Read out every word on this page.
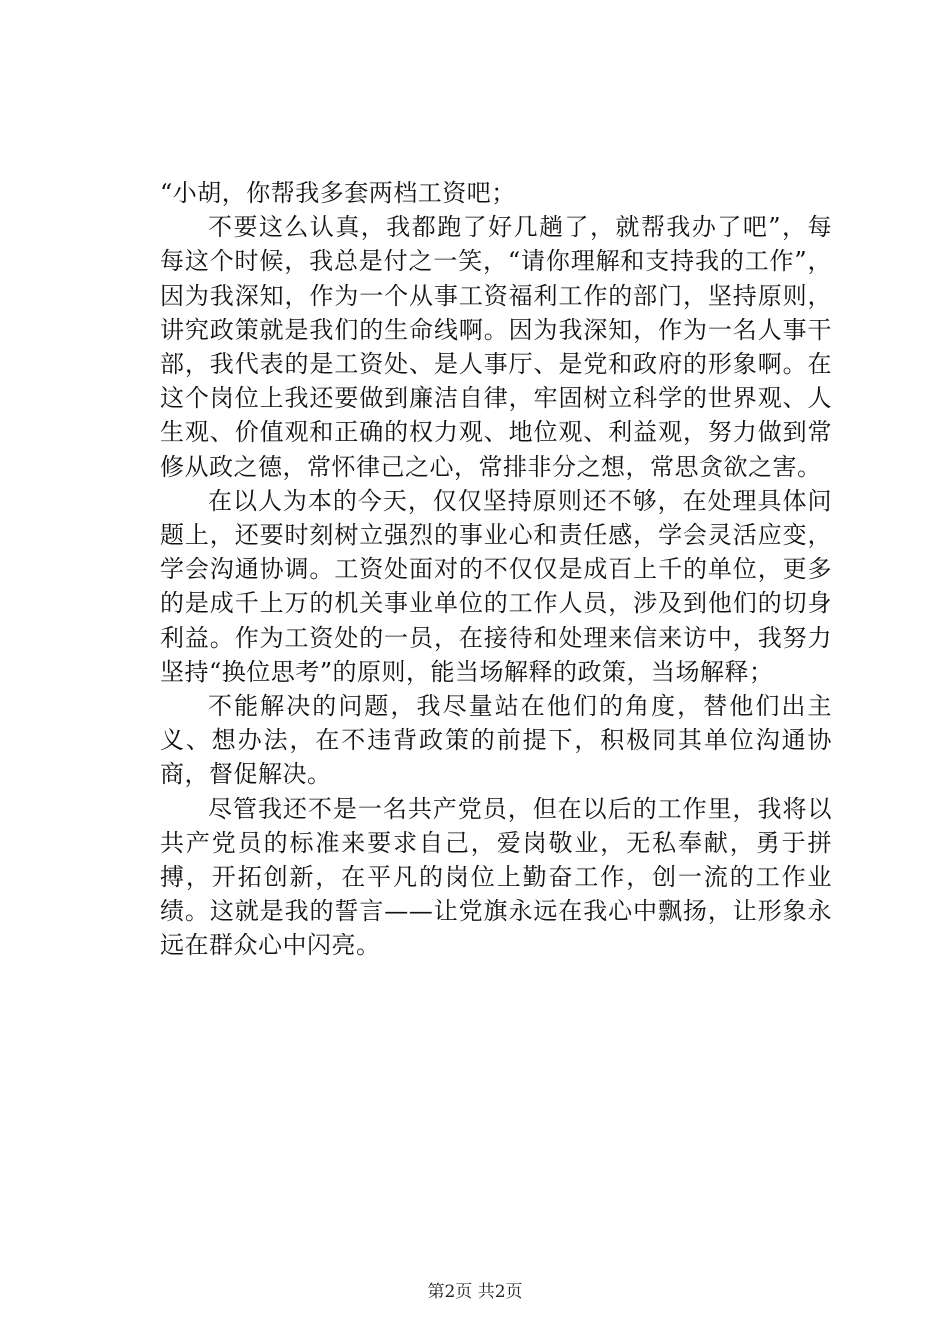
“小胡，你帮我多套两档工资吧；

不要这么认真，我都跑了好几趟了，就帮我办了吧”，每每这个时候，我总是付之一笑，“请你理解和支持我的工作”，因为我深知，作为一个从事工资福利工作的部门，坚持原则，讲究政策就是我们的生命线啊。因为我深知，作为一名人事干部，我代表的是工资处、是人事厅、是党和政府的形象啊。在这个岗位上我还要做到廉洁自律，牢固树立科学的世界观、人生观、价值观和正确的权力观、地位观、利益观，努力做到常修从政之德，常怀律己之心，常排非分之想，常思贪欲之害。

在以人为本的今天，仅仅坚持原则还不够，在处理具体问题上，还要时刻树立强烈的事业心和责任感，学会灵活应变，学会沟通协调。工资处面对的不仅仅是成百上千的单位，更多的是成千上万的机关事业单位的工作人员，涉及到他们的切身利益。作为工资处的一员，在接待和处理来信来访中，我努力坚持“换位思考”的原则，能当场解释的政策，当场解释；

不能解决的问题，我尽量站在他们的角度，替他们出主义、想办法，在不违背政策的前提下，积极同其单位沟通协商，督促解决。

尽管我还不是一名共产党员，但在以后的工作里，我将以共产党员的标准来要求自己，爱岗敬业，无私奉献，勇于拼搏，开拓创新，在平凡的岗位上勤奋工作，创一流的工作业绩。这就是我的誓言——让党旗永远在我心中飘扬，让形象永远在群众心中闪亮。

第2页 共2页
